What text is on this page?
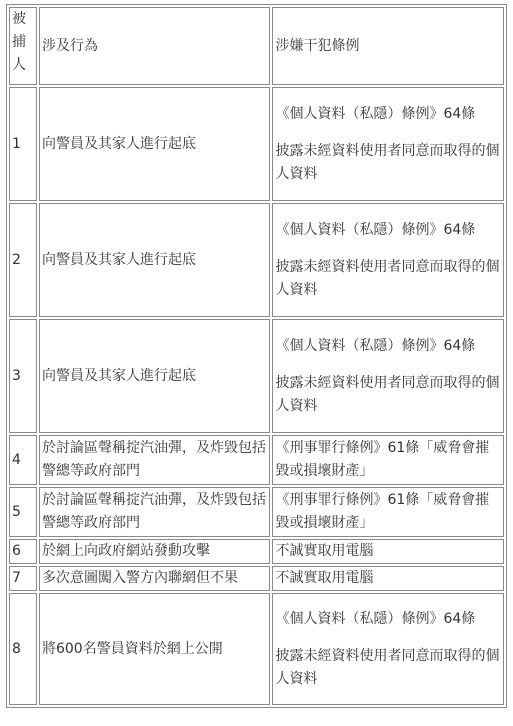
被捕人	涉及行為	涉嫌干犯條例
1	向警員及其家人進行起底	《個人資料（私隱）條例》64條
披露未經資料使用者同意而取得的個人資料

2	向警員及其家人進行起底	《個人資料（私隱）條例》64條
披露未經資料使用者同意而取得的個人資料

3	向警員及其家人進行起底	《個人資料（私隱）條例》64條
披露未經資料使用者同意而取得的個人資料

4	於討論區聲稱掟汽油彈，及炸毀包括警總等政府部門	《刑事罪行條例》61條「威脅會摧毀或損壞財產」
5	於討論區聲稱掟汽油彈，及炸毀包括警總等政府部門	《刑事罪行條例》61條「威脅會摧毀或損壞財產」
6	於網上向政府網站發動攻擊	不誠實取用電腦
7	多次意圖闖入警方內聯網但不果	不誠實取用電腦
8	將600名警員資料於網上公開	《個人資料（私隱）條例》64條
披露未經資料使用者同意而取得的個人資料
